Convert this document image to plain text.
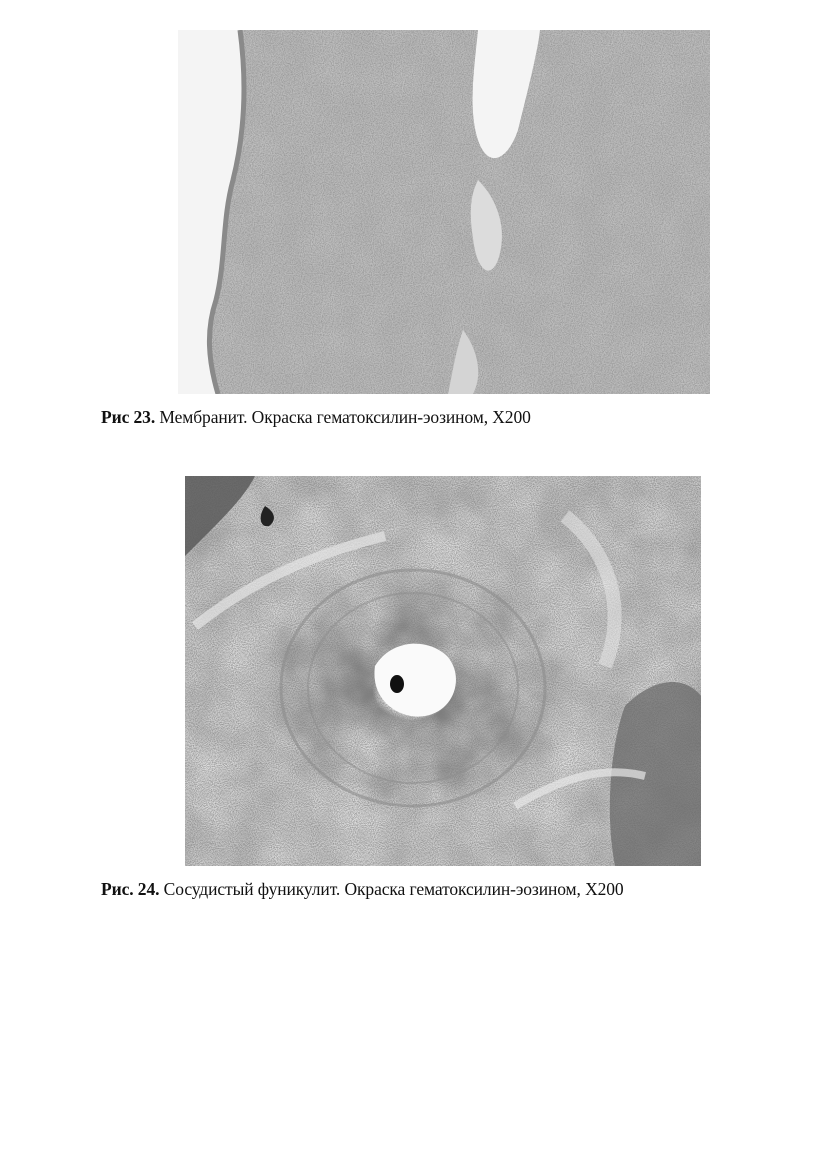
Рис 23. Мембранит. Окраска гематоксилин-эозином, Х200
Рис. 24. Сосудистый фуникулит. Окраска гематоксилин-эозином, Х200
